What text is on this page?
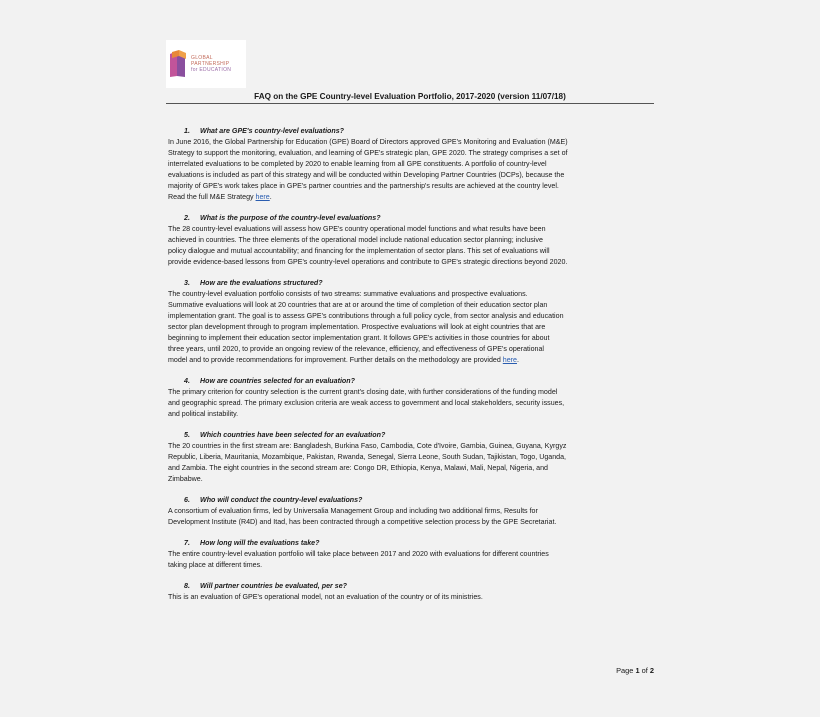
GLOBAL
PARTNERSHIP
for EDUCATION
FAQ on the GPE Country-level Evaluation Portfolio, 2017-2020 (version 11/07/18)
1. What are GPE's country-level evaluations?
In June 2016, the Global Partnership for Education (GPE) Board of Directors approved GPE's Monitoring and Evaluation (M&E)
Strategy to support the monitoring, evaluation, and learning of GPE's strategic plan, GPE 2020. The strategy comprises a set of
interrelated evaluations to be completed by 2020 to enable learning from all GPE constituents. A portfolio of country-level
evaluations is included as part of this strategy and will be conducted within Developing Partner Countries (DCPs), because the
majority of GPE's work takes place in GPE's partner countries and the partnership's results are achieved at the country level.
Read the full M&E Strategy here.
2. What is the purpose of the country-level evaluations?
The 28 country-level evaluations will assess how GPE's country operational model functions and what results have been
achieved in countries. The three elements of the operational model include national education sector planning; inclusive
policy dialogue and mutual accountability; and financing for the implementation of sector plans. This set of evaluations will
provide evidence-based lessons from GPE's country-level operations and contribute to GPE's strategic directions beyond 2020.
3. How are the evaluations structured?
The country-level evaluation portfolio consists of two streams: summative evaluations and prospective evaluations.
Summative evaluations will look at 20 countries that are at or around the time of completion of their education sector plan
implementation grant. The goal is to assess GPE's contributions through a full policy cycle, from sector analysis and education
sector plan development through to program implementation. Prospective evaluations will look at eight countries that are
beginning to implement their education sector implementation grant. It follows GPE's activities in those countries for about
three years, until 2020, to provide an ongoing review of the relevance, efficiency, and effectiveness of GPE's operational
model and to provide recommendations for improvement. Further details on the methodology are provided here.
4. How are countries selected for an evaluation?
The primary criterion for country selection is the current grant's closing date, with further considerations of the funding model
and geographic spread. The primary exclusion criteria are weak access to government and local stakeholders, security issues,
and political instability.
5. Which countries have been selected for an evaluation?
The 20 countries in the first stream are: Bangladesh, Burkina Faso, Cambodia, Cote d'Ivoire, Gambia, Guinea, Guyana, Kyrgyz
Republic, Liberia, Mauritania, Mozambique, Pakistan, Rwanda, Senegal, Sierra Leone, South Sudan, Tajikistan, Togo, Uganda,
and Zambia. The eight countries in the second stream are: Congo DR, Ethiopia, Kenya, Malawi, Mali, Nepal, Nigeria, and
Zimbabwe.
6. Who will conduct the country-level evaluations?
A consortium of evaluation firms, led by Universalia Management Group and including two additional firms, Results for
Development Institute (R4D) and Itad, has been contracted through a competitive selection process by the GPE Secretariat.
7. How long will the evaluations take?
The entire country-level evaluation portfolio will take place between 2017 and 2020 with evaluations for different countries
taking place at different times.
8. Will partner countries be evaluated, per se?
This is an evaluation of GPE's operational model, not an evaluation of the country or of its ministries.
Page 1 of 2
